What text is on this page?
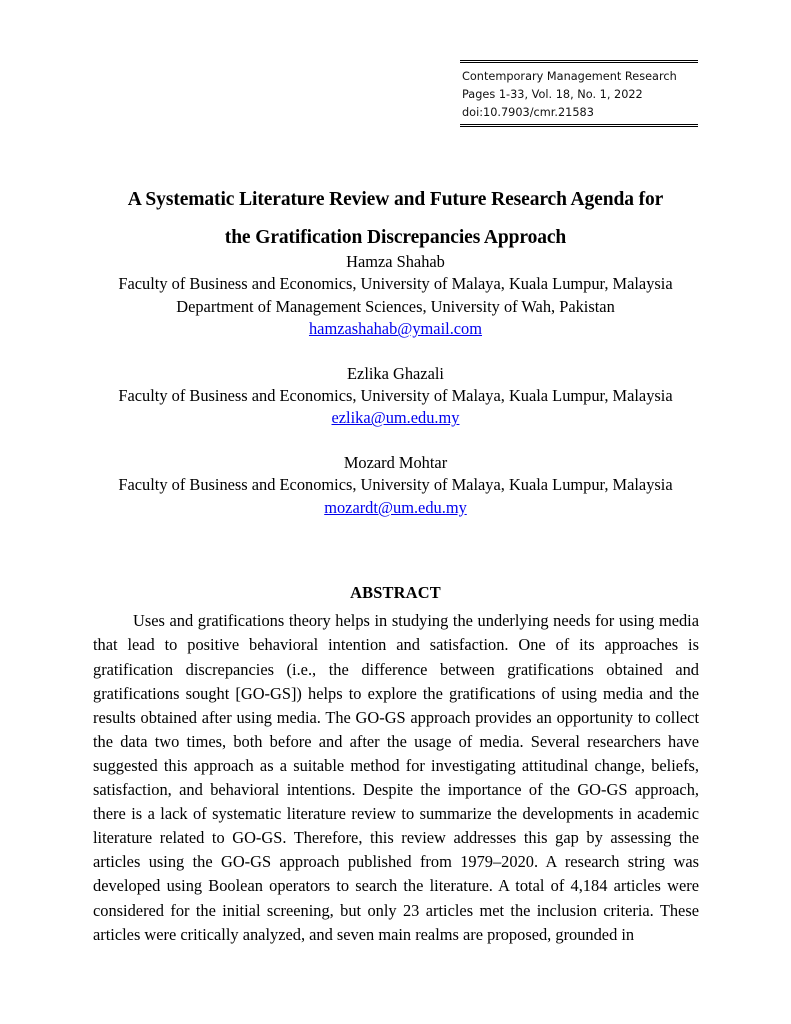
Contemporary Management Research Pages 1-33, Vol. 18, No. 1, 2022 doi:10.7903/cmr.21583
A Systematic Literature Review and Future Research Agenda for
the Gratification Discrepancies Approach
Hamza Shahab
Faculty of Business and Economics, University of Malaya, Kuala Lumpur, Malaysia
Department of Management Sciences, University of Wah, Pakistan
hamzashahab@ymail.com
Ezlika Ghazali
Faculty of Business and Economics, University of Malaya, Kuala Lumpur, Malaysia
ezlika@um.edu.my
Mozard Mohtar
Faculty of Business and Economics, University of Malaya, Kuala Lumpur, Malaysia
mozardt@um.edu.my
ABSTRACT

Uses and gratifications theory helps in studying the underlying needs for using media that lead to positive behavioral intention and satisfaction. One of its approaches is gratification discrepancies (i.e., the difference between gratifications obtained and gratifications sought [GO-GS]) helps to explore the gratifications of using media and the results obtained after using media. The GO-GS approach provides an opportunity to collect the data two times, both before and after the usage of media. Several researchers have suggested this approach as a suitable method for investigating attitudinal change, beliefs, satisfaction, and behavioral intentions. Despite the importance of the GO-GS approach, there is a lack of systematic literature review to summarize the developments in academic literature related to GO-GS. Therefore, this review addresses this gap by assessing the articles using the GO-GS approach published from 1979–2020. A research string was developed using Boolean operators to search the literature. A total of 4,184 articles were considered for the initial screening, but only 23 articles met the inclusion criteria. These articles were critically analyzed, and seven main realms are proposed, grounded in
